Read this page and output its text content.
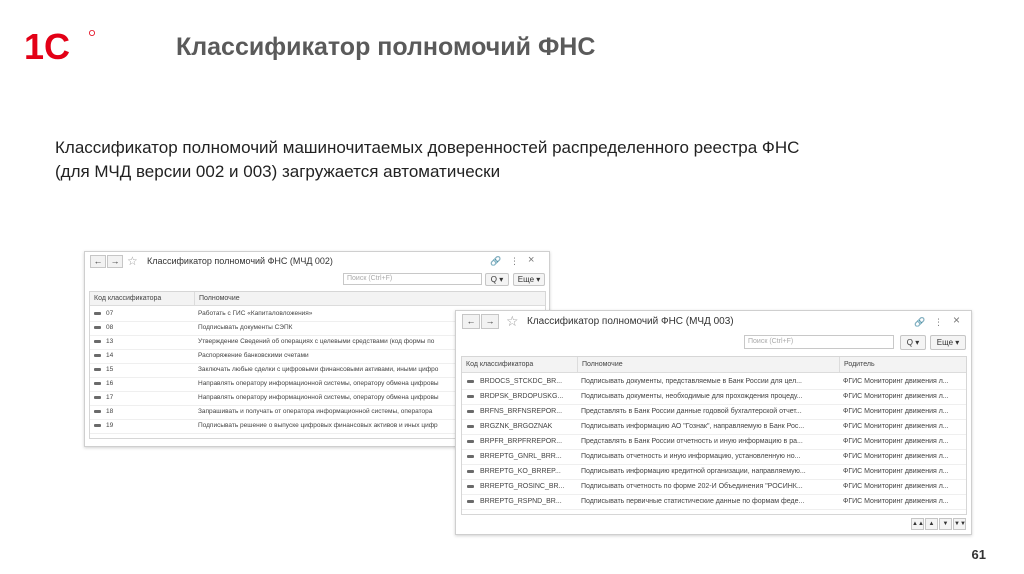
1С	Классификатор полномочий ФНС
Классификатор полномочий машиночитаемых доверенностей распределенного реестра ФНС
(для МЧД версии 002 и 003) загружается автоматически
← → ☆ Классификатор полномочий ФНС (МЧД 002)	🔗 ⋮ ×
Поиск (Ctrl+F)	Q ▾	Еще ▾
Код классификатора	Полномочие
07	Работать с ГИС «Капиталовложения»
08	Подписывать документы СЭПК
13	Утверждение Сведений об операциях с целевыми средствами (код формы по
14	Распоряжение банковскими счетами
15	Заключать любые сделки с цифровыми финансовыми активами, иными цифро
16	Направлять оператору информационной системы, оператору обмена цифровы
17	Направлять оператору информационной системы, оператору обмена цифровы
18	Запрашивать и получать от оператора информационной системы, оператора
19	Подписывать решение о выпуске цифровых финансовых активов и иных цифр
←	→ ☆ Классификатор полномочий ФНС (МЧД 003)	🔗 ⋮ ×
Поиск (Ctrl+F)	Q ▾	Еще ▾
Код классификатора	Полномочие	Родитель
BRDOCS_STCKDC_BR...	Подписывать документы, представляемые в Банк России для цел...	ФГИС Мониторинг движения л...
BRDPSK_BRDOPUSKG...	Подписывать документы, необходимые для прохождения процеду...	ФГИС Мониторинг движения л...
BRFNS_BRFNSREPOR...	Представлять в Банк России данные годовой бухгалтерской отчет...	ФГИС Мониторинг движения л...
BRGZNK_BRGOZNAK	Подписывать информацию АО "Гознак", направляемую в Банк Рос...	ФГИС Мониторинг движения л...
BRPFR_BRPFRREPOR...	Представлять в Банк России отчетность и иную информацию в ра...	ФГИС Мониторинг движения л...
BRREPTG_GNRL_BRR...	Подписывать отчетность и иную информацию, установленную но...	ФГИС Мониторинг движения л...
BRREPTG_KO_BRREP...	Подписывать информацию кредитной организации, направляемую...	ФГИС Мониторинг движения л...
BRREPTG_ROSINC_BR...	Подписывать отчетность по форме 202-И Объединения "РОСИНК...	ФГИС Мониторинг движения л...
BRREPTG_RSPND_BR...	Подписывать первичные статистические данные по формам феде...	ФГИС Мониторинг движения л...
▲▲ ▲	▼ ▼▼
61
